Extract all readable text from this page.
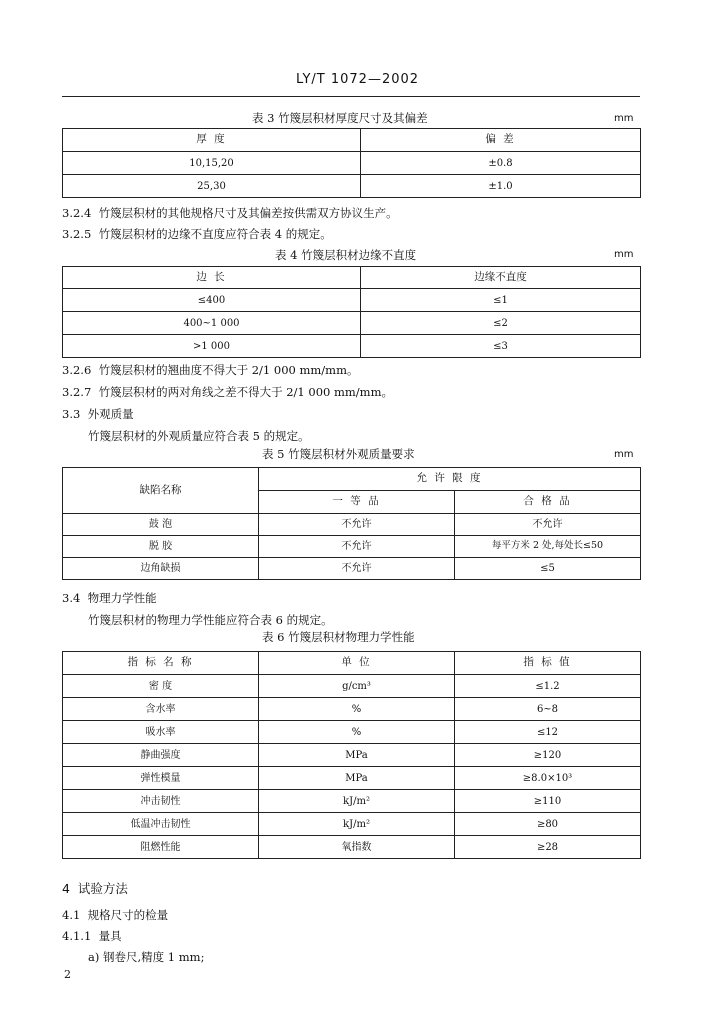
LY/T 1072—2002
表 3 竹篾层积材厚度尺寸及其偏差	mm
厚 度	偏 差
10,15,20	±0.8
25,30	±1.0
3.2.4 竹篾层积材的其他规格尺寸及其偏差按供需双方协议生产。
3.2.5 竹篾层积材的边缘不直度应符合表 4 的规定。
表 4 竹篾层积材边缘不直度	mm
边 长	边缘不直度
≤400	≤1
400~1 000	≤2
>1 000	≤3
3.2.6 竹篾层积材的翘曲度不得大于 2/1 000 mm/mm。
3.2.7 竹篾层积材的两对角线之差不得大于 2/1 000 mm/mm。
3.3 外观质量
竹篾层积材的外观质量应符合表 5 的规定。
表 5 竹篾层积材外观质量要求	mm
缺陷名称	允 许 限 度	
	一 等 品	合 格 品
鼓 泡	不允许	不允许
脱 胶	不允许	每平方米 2 处,每处长≤50
边角缺损	不允许	≤5
3.4 物理力学性能
竹篾层积材的物理力学性能应符合表 6 的规定。
表 6 竹篾层积材物理力学性能
指 标 名 称	单 位	指 标 值
密 度	g/cm³	≤1.2
含水率	%	6~8
吸水率	%	≤12
静曲强度	MPa	≥120
弹性模量	MPa	≥8.0×10³
冲击韧性	kJ/m²	≥110
低温冲击韧性	kJ/m²	≥80
阻燃性能	氧指数	≥28
4 试验方法
4.1 规格尺寸的检量
4.1.1 量具
a) 钢卷尺,精度 1 mm;
2
